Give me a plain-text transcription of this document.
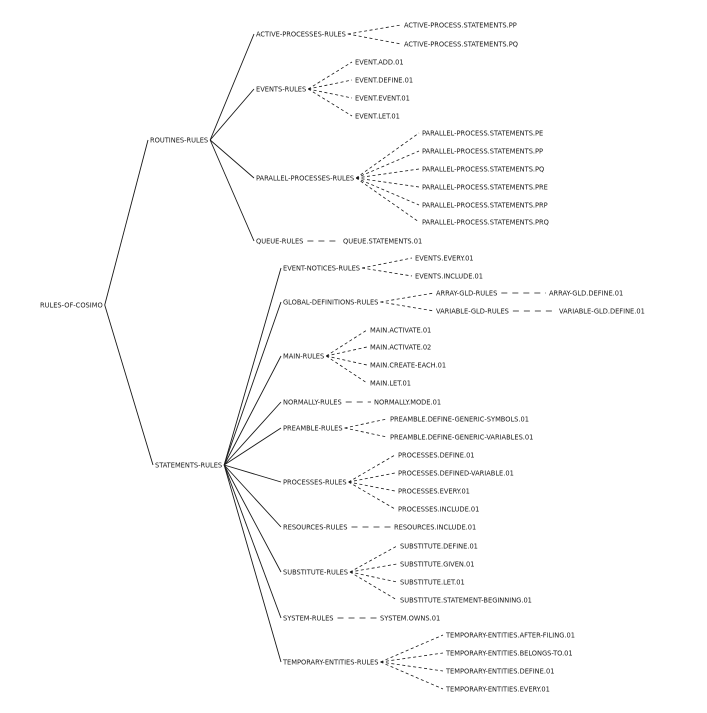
RULES-OF-COSIMO
ROUTINES-RULES
ACTIVE-PROCESSES-RULES
ACTIVE-PROCESS.STATEMENTS.PP
ACTIVE-PROCESS.STATEMENTS.PQ
EVENTS-RULES
EVENT.ADD.01
EVENT.DEFINE.01
EVENT.EVENT.01
EVENT.LET.01
PARALLEL-PROCESSES-RULES
PARALLEL-PROCESS.STATEMENTS.PE
PARALLEL-PROCESS.STATEMENTS.PP
PARALLEL-PROCESS.STATEMENTS.PQ
PARALLEL-PROCESS.STATEMENTS.PRE
PARALLEL-PROCESS.STATEMENTS.PRP
PARALLEL-PROCESS.STATEMENTS.PRQ
QUEUE-RULES	QUEUE.STATEMENTS.01
STATEMENTS-RULES
EVENT-NOTICES-RULES
EVENTS.EVERY.01
EVENTS.INCLUDE.01
GLOBAL-DEFINITIONS-RULES
ARRAY-GLD-RULES	ARRAY-GLD.DEFINE.01
VARIABLE-GLD-RULES	VARIABLE-GLD.DEFINE.01
MAIN-RULES
MAIN.ACTIVATE.01
MAIN.ACTIVATE.02
MAIN.CREATE-EACH.01
MAIN.LET.01
NORMALLY-RULES	NORMALLY.MODE.01
PREAMBLE-RULES
PREAMBLE.DEFINE-GENERIC-SYMBOLS.01
PREAMBLE.DEFINE-GENERIC-VARIABLES.01
PROCESSES-RULES
PROCESSES.DEFINE.01
PROCESSES.DEFINED-VARIABLE.01
PROCESSES.EVERY.01
PROCESSES.INCLUDE.01
RESOURCES-RULES	RESOURCES.INCLUDE.01
SUBSTITUTE-RULES
SUBSTITUTE.DEFINE.01
SUBSTITUTE.GIVEN.01
SUBSTITUTE.LET.01
SUBSTITUTE.STATEMENT-BEGINNING.01
SYSTEM-RULES	SYSTEM.OWNS.01
TEMPORARY-ENTITIES-RULES
TEMPORARY-ENTITIES.AFTER-FILING.01
TEMPORARY-ENTITIES.BELONGS-TO.01
TEMPORARY-ENTITIES.DEFINE.01
TEMPORARY-ENTITIES.EVERY.01
